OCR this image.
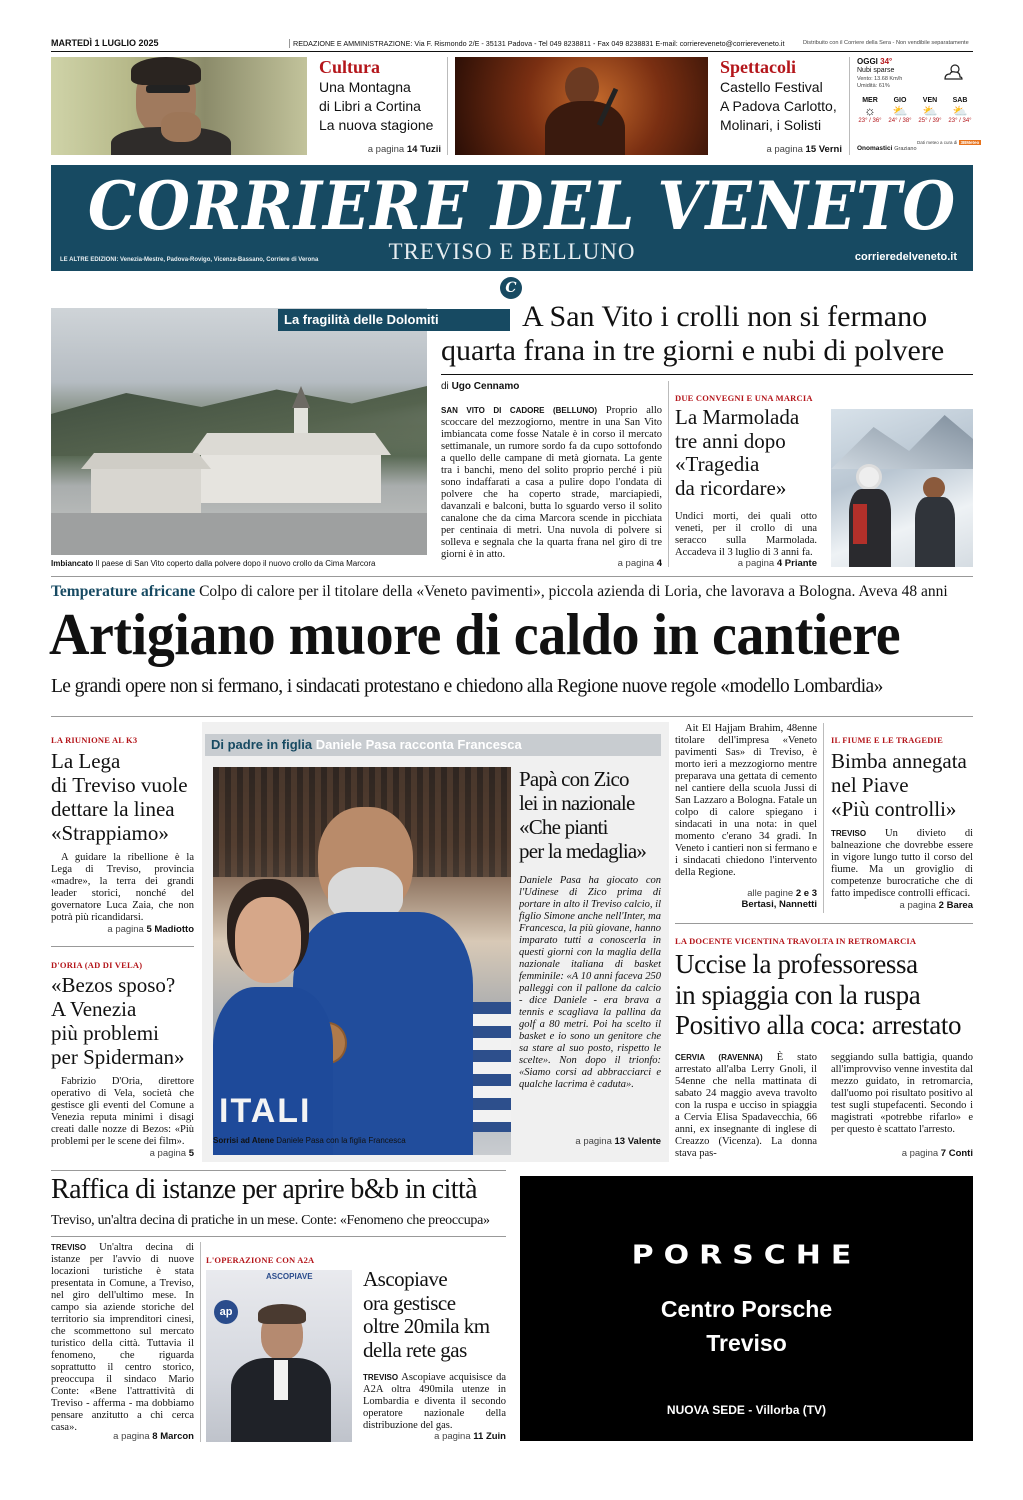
MARTEDÌ 1 LUGLIO 2025	REDAZIONE E AMMINISTRAZIONE: Via F. Rismondo 2/E - 35131 Padova - Tel 049 8238811 - Fax 049 8238831 E-mail: corriereveneto@corriereveneto.it	Distribuito con il Corriere della Sera - Non vendibile separatamente
Cultura
Una Montagna
di Libri a Cortina
La nuova stagione
a pagina 14 Tuzii
Spettacoli
Castello Festival
A Padova Carlotto,
Molinari, i Solisti
a pagina 15 Verni
OGGI 34°
Nubi sparse
Vento: 13.68 Km/h
Umidità: 61%
MER
☼
23° / 36°
GIO
⛅
24° / 38°
VEN
⛅
25° / 39°
SAB
⛅
23° / 34°
Dati meteo a cura di 3BMeteo
Onomastici Graziano
CORRIERE DEL VENETO
TREVISO E BELLUNO
LE ALTRE EDIZIONI: Venezia-Mestre, Padova-Rovigo, Vicenza-Bassano, Corriere di Verona	corrieredelveneto.it
C
La fragilità delle Dolomiti	A San Vito i crolli non si fermano
quarta frana in tre giorni e nubi di polvere
di Ugo Cennamo
SAN VITO DI CADORE (BELLUNO) Proprio allo scoccare del mezzogiorno, mentre in una San Vito imbiancata come fosse Natale è in corso il mercato settimanale, un rumore sordo fa da cupo sottofondo a quello delle campane di metà giornata. La gente tra i banchi, meno del solito proprio perché i più sono indaffarati a casa a pulire dopo l'ondata di polvere che ha coperto strade, marciapiedi, davanzali e balconi, butta lo sguardo verso il solito canalone che da cima Marcora scende in picchiata per centinaia di metri. Una nuvola di polvere si solleva e segnala che la quarta frana nel giro di tre giorni è in atto.
a pagina 4
Imbiancato Il paese di San Vito coperto dalla polvere dopo il nuovo crollo da Cima Marcora
DUE CONVEGNI E UNA MARCIA
La Marmolada
tre anni dopo
«Tragedia
da ricordare»
Undici morti, dei quali otto veneti, per il crollo di una seracco sulla Marmolada. Accadeva il 3 luglio di 3 anni fa.
a pagina 4 Priante
Temperature africane Colpo di calore per il titolare della «Veneto pavimenti», piccola azienda di Loria, che lavorava a Bologna. Aveva 48 anni
Artigiano muore di caldo in cantiere
Le grandi opere non si fermano, i sindacati protestano e chiedono alla Regione nuove regole «modello Lombardia»
LA RIUNIONE AL K3
La Lega
di Treviso vuole
dettare la linea
«Strappiamo»
A guidare la ribellione è la Lega di Treviso, provincia «madre», la terra dei grandi leader storici, nonché del governatore Luca Zaia, che non potrà più ricandidarsi.
a pagina 5 Madiotto
D'ORIA (AD DI VELA)
«Bezos sposo?
A Venezia
più problemi
per Spiderman»
Fabrizio D'Oria, direttore operativo di Vela, società che gestisce gli eventi del Comune a Venezia reputa minimi i disagi creati dalle nozze di Bezos: «Più problemi per le scene dei film».
a pagina 5
Di padre in figlia Daniele Pasa racconta Francesca
ITALI
Papà con Zico
lei in nazionale
«Che pianti
per la medaglia»
Daniele Pasa ha giocato con l'Udinese di Zico prima di portare in alto il Treviso calcio, il figlio Simone anche nell'Inter, ma Francesca, la più giovane, hanno imparato tutti a conoscerla in questi giorni con la maglia della nazionale italiana di basket femminile: «A 10 anni faceva 250 palleggi con il pallone da calcio - dice Daniele - era brava a tennis e scagliava la pallina da golf a 80 metri. Poi ha scelto il basket e io sono un genitore che sa stare al suo posto, rispetto le scelte». Non dopo il trionfo: «Siamo corsi ad abbracciarci e qualche lacrima è caduta».
a pagina 13 Valente
Sorrisi ad Atene Daniele Pasa con la figlia Francesca
Ait El Hajjam Brahim, 48enne titolare dell'impresa «Veneto pavimenti Sas» di Treviso, è morto ieri a mezzogiorno mentre preparava una gettata di cemento nel cantiere della scuola Jussi di San Lazzaro a Bologna. Fatale un colpo di calore spiegano i sindacati in una nota: in quel momento c'erano 34 gradi. In Veneto i cantieri non si fermano e i sindacati chiedono l'intervento della Regione.
alle pagine 2 e 3
Bertasi, Nannetti
IL FIUME E LE TRAGEDIE
Bimba annegata
nel Piave
«Più controlli»
TREVISO Un divieto di balneazione che dovrebbe essere in vigore lungo tutto il corso del fiume. Ma un groviglio di competenze burocratiche che di fatto impedisce controlli efficaci.
a pagina 2 Barea
LA DOCENTE VICENTINA TRAVOLTA IN RETROMARCIA
Uccise la professoressa
in spiaggia con la ruspa
Positivo alla coca: arrestato
CERVIA (RAVENNA) È stato arrestato all'alba Lerry Gnoli, il 54enne che nella mattinata di sabato 24 maggio aveva travolto con la ruspa e ucciso in spiaggia a Cervia Elisa Spadavecchia, 66 anni, ex insegnante di inglese di Creazzo (Vicenza). La donna stava pas-
seggiando sulla battigia, quando all'improvviso venne investita dal mezzo guidato, in retromarcia, dall'uomo poi risultato positivo al test sugli stupefacenti. Secondo i magistrati «potrebbe rifarlo» e per questo è scattato l'arresto.
a pagina 7 Conti
Raffica di istanze per aprire b&b in città
Treviso, un'altra decina di pratiche in un mese. Conte: «Fenomeno che preoccupa»
TREVISO Un'altra decina di istanze per l'avvio di nuove locazioni turistiche è stata presentata in Comune, a Treviso, nel giro dell'ultimo mese. In campo sia aziende storiche del territorio sia imprenditori cinesi, che scommettono sul mercato turistico della città. Tuttavia il fenomeno, che riguarda soprattutto il centro storico, preoccupa il sindaco Mario Conte: «Bene l'attrattività di Treviso - afferma - ma dobbiamo pensare anzitutto a chi cerca casa».
a pagina 8 Marcon
L'OPERAZIONE CON A2A
ASCOPIAVE
ap
Ascopiave
ora gestisce
oltre 20mila km
della rete gas
TREVISO Ascopiave acquisisce da A2A oltra 490mila utenze in Lombardia e diventa il secondo operatore nazionale della distribuzione del gas.
a pagina 11 Zuin
PORSCHE
Centro Porsche
Treviso
NUOVA SEDE - Villorba (TV)
